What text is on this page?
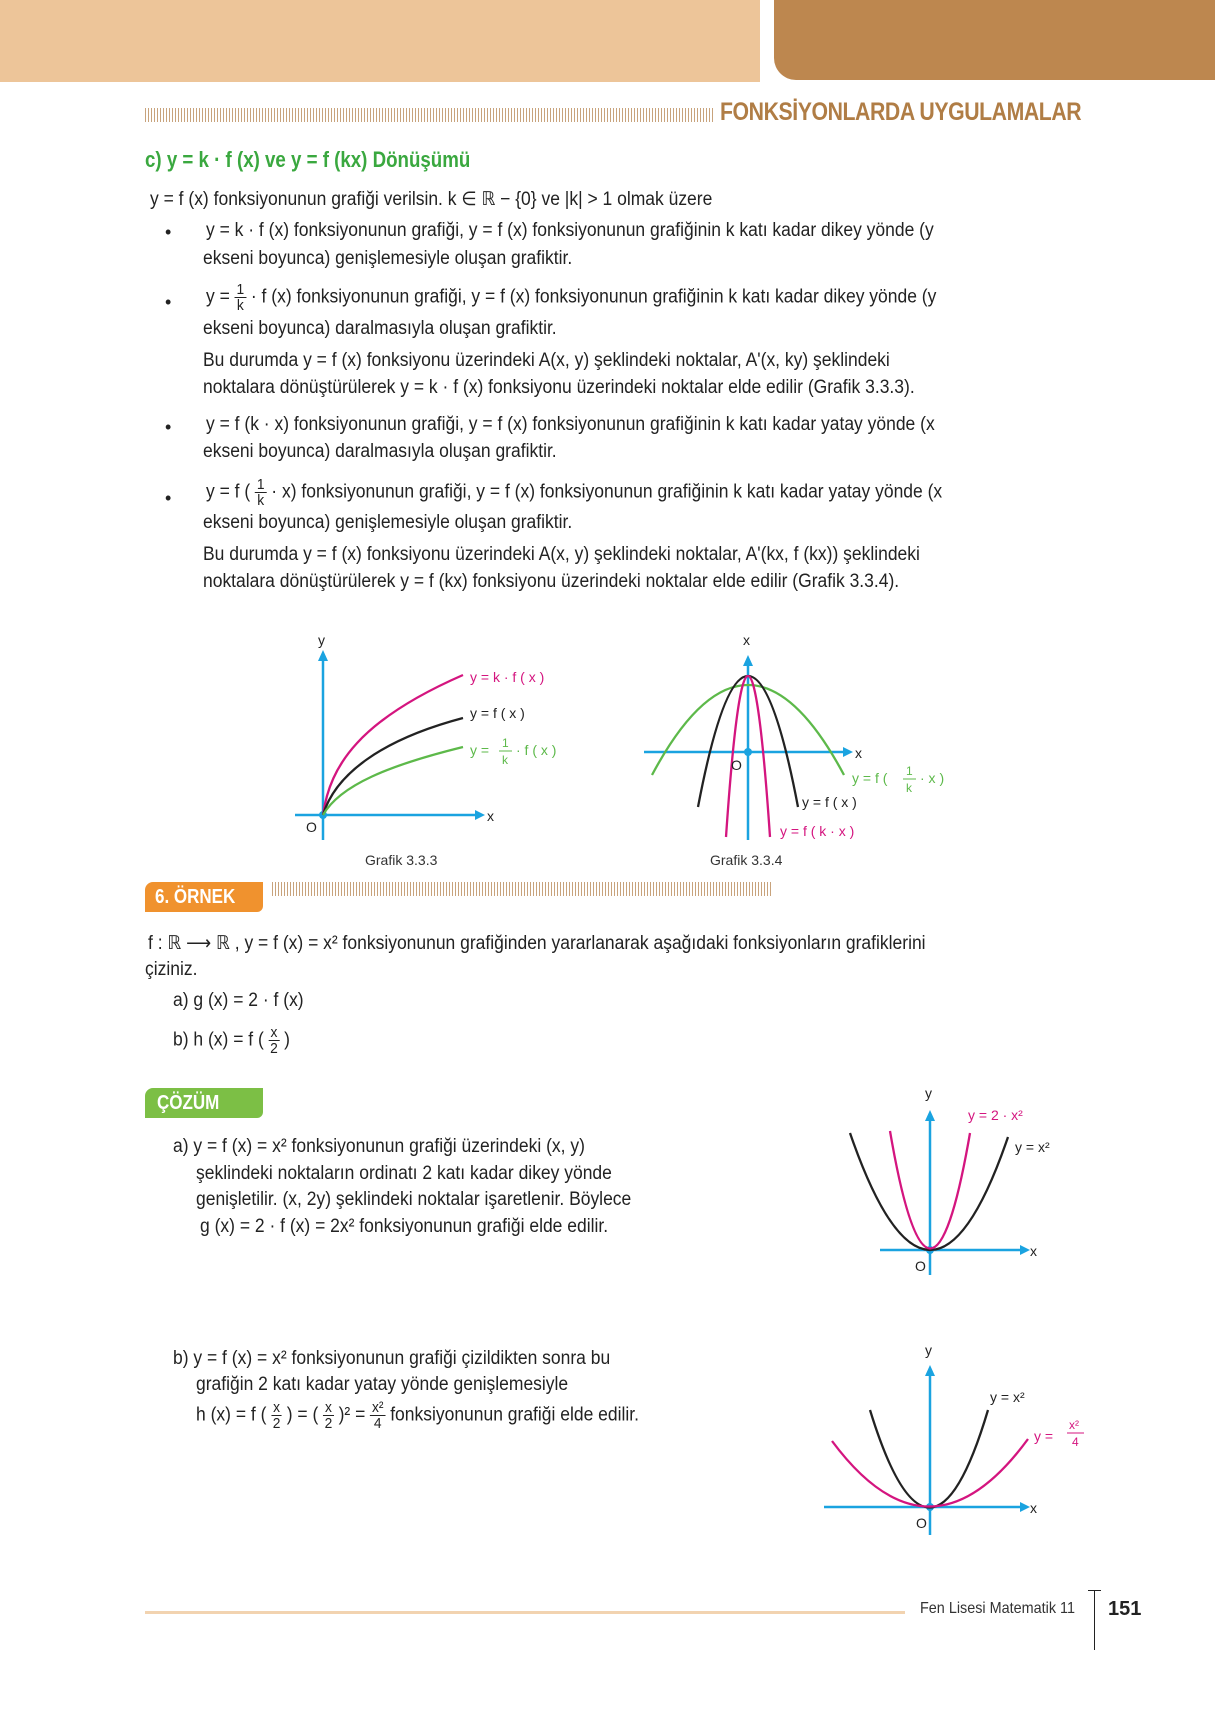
FONKSİYONLARDA UYGULAMALAR
c) y = k · f (x) ve y = f (kx) Dönüşümü
y = f (x) fonksiyonunun grafiği verilsin. k ∈ ℝ − {0} ve |k| > 1 olmak üzere
• y = k · f (x) fonksiyonunun grafiği, y = f (x) fonksiyonunun grafiğinin k katı kadar dikey yönde (y
ekseni boyunca) genişlemesiyle oluşan grafiktir.
• $y = \frac{1}{k} \cdot f$ (x) fonksiyonunun grafiği, y = f (x) fonksiyonunun grafiğinin k katı kadar dikey yönde (y
ekseni boyunca) daralmasıyla oluşan grafiktir.
Bu durumda y = f (x) fonksiyonu üzerindeki A(x, y) şeklindeki noktalar, A'(x, ky) şeklindeki
noktalara dönüştürülerek y = k · f (x) fonksiyonu üzerindeki noktalar elde edilir (Grafik 3.3.3).
• y = f (k · x) fonksiyonunun grafiği, y = f (x) fonksiyonunun grafiğinin k katı kadar yatay yönde (x
ekseni boyunca) daralmasıyla oluşan grafiktir.
• y = f ( $\frac{1}{k} \cdot x$) fonksiyonunun grafiği, y = f (x) fonksiyonunun grafiğinin k katı kadar yatay yönde (x
ekseni boyunca) genişlemesiyle oluşan grafiktir.
Bu durumda y = f (x) fonksiyonu üzerindeki A(x, y) şeklindeki noktalar, A'(kx, f (kx)) şeklindeki
noktalara dönüştürülerek y = f (kx) fonksiyonu üzerindeki noktalar elde edilir (Grafik 3.3.4).
y
x
O
y = k · f ( x )
y = f ( x )
y = 1
k
· f ( x )
Grafik 3.3.3
x
x
O
y = f ( 1
k
· x )
y = f ( x )
y = f ( k · x )
Grafik 3.3.4
6. ÖRNEK
f : ℝ ⟶ ℝ , y = f (x) = x² fonksiyonunun grafiğinden yararlanarak aşağıdaki fonksiyonların grafiklerini
çiziniz.
a) g (x) = 2 · f (x)
b) h (x) = f ( $\frac{x}{2}$ )
ÇÖZÜM
a) y = f (x) = x² fonksiyonunun grafiği üzerindeki (x, y)
şeklindeki noktaların ordinatı 2 katı kadar dikey yönde
genişletilir. (x, 2y) şeklindeki noktalar işaretlenir. Böylece
g (x) = 2 · f (x) = 2x² fonksiyonunun grafiği elde edilir.
y
x
O
y = 2 · x²
y = x²
b) y = f (x) = x² fonksiyonunun grafiği çizildikten sonra bu
grafiğin 2 katı kadar yatay yönde genişlemesiyle
h (x) = f ( $\frac{x}{2}$ ) = ( $\frac{x}{2} )^2 = \frac{\text{x²}}{4}$ fonksiyonunun grafiği elde edilir.
y
x
O
y = x²
y =
x²
4
Fen Lisesi Matematik 11 151
